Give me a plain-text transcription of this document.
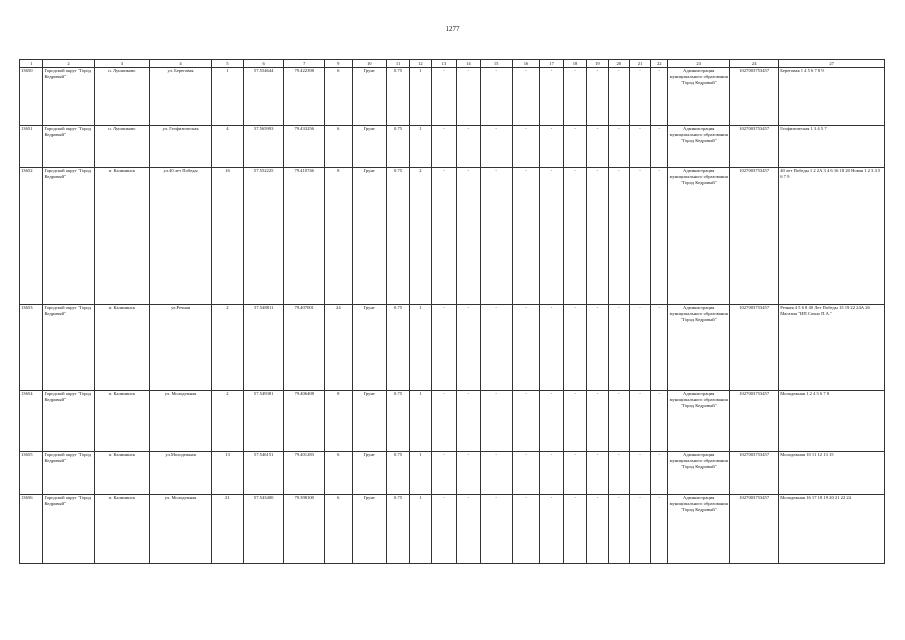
1277
1	2	3	4	5	6	7	9	10	11	12	13	14	15	16	17	18	19	20	21	22	23	24	27
13650	Городской округ "Город Кедровый"	п. Лушпиково	ул. Береговая	1	57.554644	79.422398	6	Грунт	0.75	1	-	-	-	-	-	-	-	-	-	-	Администрация муниципального образования "Город Кедровый"	1027003753457	Береговая 1 4 5 6 7 8 9
13651	Городской округ "Город Кедровый"	п. Лушпиково	ул. Геофизическая	4	57.565993	79.433256	6	Грунт	0.75	1	-	-	-	-	-	-	-	-	-	-	Администрация муниципального образования "Город Кедровый"	1027003753457	Геофизическая 1 3 4 5 7
13652	Городской округ "Город Кедровый"	п. Калининск	ул.40 лет Победы	16	57.552225	79.410746	8	Грунт	0.75	2	-	-	-	-	-	-	-	-	-	-	Администрация муниципального образования "Город Кедровый"	1027003753457	40 лет Победы 1 2 2А 3 4 6 16 18 20 Новая 1 2 3 4 5 6 7 9
13653	Городской округ "Город Кедровый"	п. Калининск	ул.Речная	2	57.548811	79.407001	24	Грунт	0.75	1	-	-	-	-	-	-	-	-	-	-	Администрация муниципального образования "Город Кедровый"	1027003753457	Речная 4 5 6 8 40 Лет Победы 15 19 22 24А 26 Магазин "ИП Сахно П.А."
13654	Городской округ "Город Кедровый"	п. Калининск	ул. Молодежная	2	57.549381	79.406408	8	Грунт	0.75	1	-	-	-	-	-	-	-	-	-	-	Администрация муниципального образования "Город Кедровый"	1027003753457	Молодежная 1 2 4 5 6 7 8
13655	Городской округ "Город Кедровый"	п. Калининск	ул.Молодежная	13	57.546151	79.401283	6	Грунт	0.75	1	-	-	-	-	-	-	-	-	-	-	Администрация муниципального образования "Город Кедровый"	1027003753457	Молодежная 10 11 12 13 15
13656	Городской округ "Город Кедровый"	п. Калининск	ул. Молодежная	21	57.543400	79.398100	6	Грунт	0.75	1	-	-	-	-	-	-	-	-	-	-	Администрация муниципального образования "Город Кедровый"	1027003753457	Молодежная 16 17 18 19 20 21 22 24
